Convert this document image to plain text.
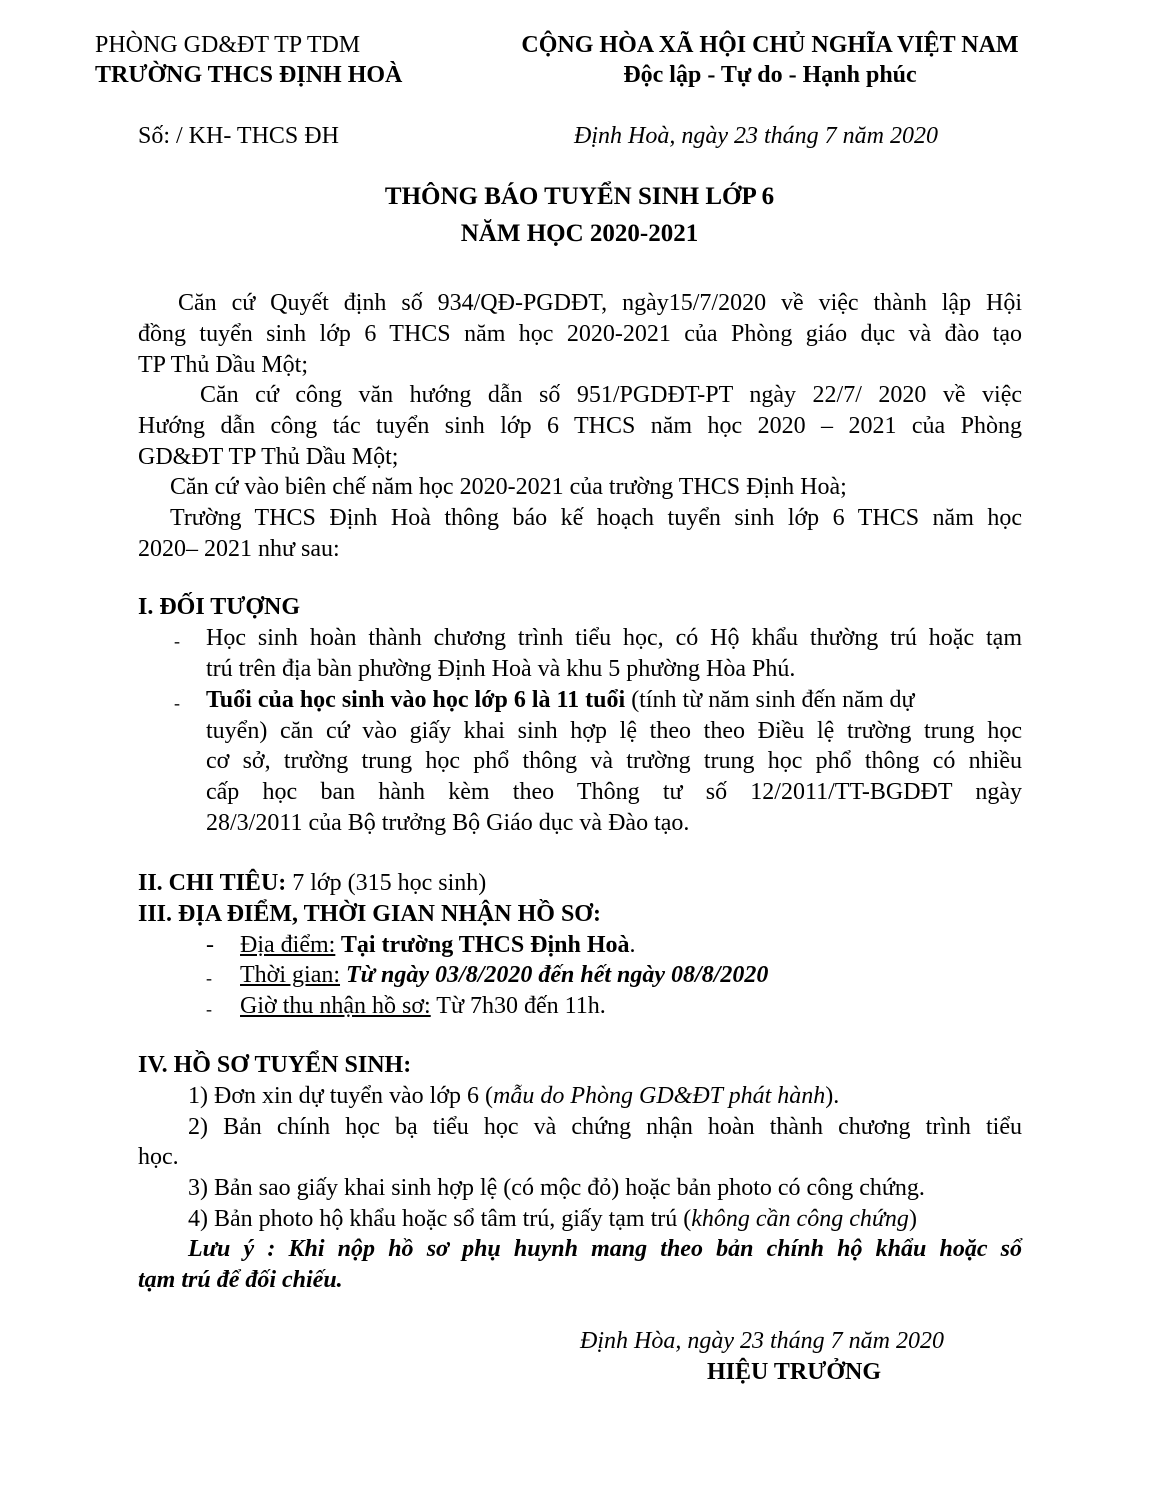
PHÒNG GD&ĐT TP TDM
TRƯỜNG THCS ĐỊNH HOÀ
CỘNG HÒA XÃ HỘI CHỦ NGHĨA VIỆT NAM
Độc lập - Tự do - Hạnh phúc
Số: / KH- THCS ĐH	Định Hoà, ngày 23 tháng 7 năm 2020
THÔNG BÁO TUYỂN SINH LỚP 6
NĂM HỌC 2020-2021
Căn cứ Quyết định số 934/QĐ-PGDĐT, ngày15/7/2020 về việc thành lập Hội
đồng tuyển sinh lớp 6 THCS năm học 2020-2021 của Phòng giáo dục và đào tạo
TP Thủ Dầu Một;
Căn cứ công văn hướng dẫn số 951/PGDĐT-PT ngày 22/7/ 2020 về việc
Hướng dẫn công tác tuyển sinh lớp 6 THCS năm học 2020 – 2021 của Phòng
GD&ĐT TP Thủ Dầu Một;
Căn cứ vào biên chế năm học 2020-2021 của trường THCS Định Hoà;
Trường THCS Định Hoà thông báo kế hoạch tuyển sinh lớp 6 THCS năm học
2020– 2021 như sau:
I. ĐỐI TƯỢNG
- Học sinh hoàn thành chương trình tiểu học, có Hộ khẩu thường trú hoặc tạm
trú trên địa bàn phường Định Hoà và khu 5 phường Hòa Phú.
- Tuổi của học sinh vào học lớp 6 là 11 tuổi (tính từ năm sinh đến năm dự
tuyển) căn cứ vào giấy khai sinh hợp lệ theo theo Điều lệ trường trung học
cơ sở, trường trung học phổ thông và trường trung học phổ thông có nhiều
cấp học ban hành kèm theo Thông tư số 12/2011/TT-BGDĐT ngày
28/3/2011 của Bộ trưởng Bộ Giáo dục và Đào tạo.
II. CHI TIÊU: 7 lớp (315 học sinh)
III. ĐỊA ĐIỂM, THỜI GIAN NHẬN HỒ SƠ:
- Địa điểm: Tại trường THCS Định Hoà.
- Thời gian: Từ ngày 03/8/2020 đến hết ngày 08/8/2020
- Giờ thu nhận hồ sơ: Từ 7h30 đến 11h.
IV. HỒ SƠ TUYỂN SINH:
1) Đơn xin dự tuyển vào lớp 6 (mẫu do Phòng GD&ĐT phát hành).
2) Bản chính học bạ tiểu học và chứng nhận hoàn thành chương trình tiểu
học.
3) Bản sao giấy khai sinh hợp lệ (có mộc đỏ) hoặc bản photo có công chứng.
4) Bản photo hộ khẩu hoặc sổ tâm trú, giấy tạm trú (không cần công chứng)
Lưu ý : Khi nộp hồ sơ phụ huynh mang theo bản chính hộ khẩu hoặc sổ
tạm trú để đối chiếu.
Định Hòa, ngày 23 tháng 7 năm 2020
HIỆU TRƯỞNG
